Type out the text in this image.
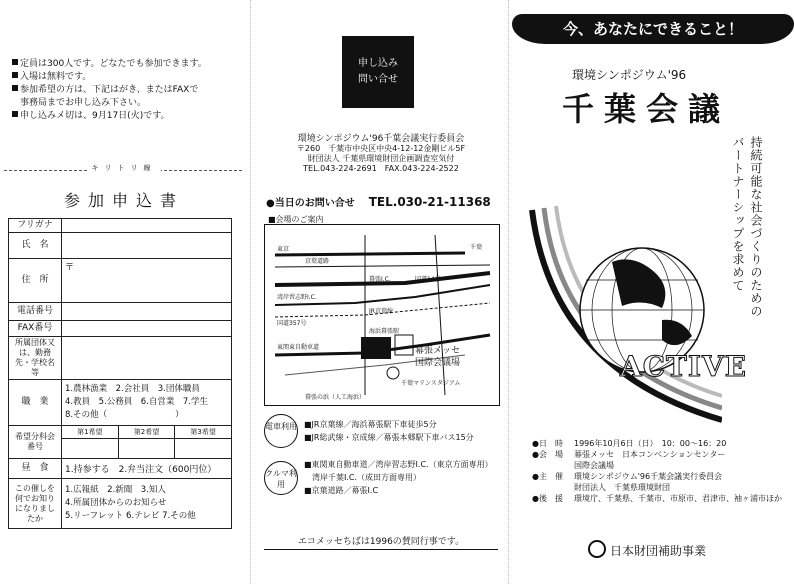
定員は300人です。どなたでも参加できます。
入場は無料です。
参加希望の方は、下記はがき、またはFAXで
事務局までお申し込み下さい。
申し込みメ切は、9月17日(火)です。
キリトリ線
参加申込書
フリガナ			
氏　名			
住　所	〒		
電話番号			
FAX番号			
所属団体又は、勤務先・学校名等			
職　業	1.農林漁業　 2.会社員　 3.団体職員
4.教員　 5.公務員　 6.自営業　 7.学生
8.その他（　　　　　　　　）		
希望分科会番号	第1希望	第2希望	第3希望

昼　食	1.持参する　2.弁当注文（600円位）		
この催しを何でお知りになりましたか	1.広報紙　 2.新聞　 3.知人
4.所属団体からのお知らせ
5.リーフレット 6.テレビ 7.その他		
申し込み
問い合せ
環境シンポジウム'96千葉会議実行委員会
〒260　千葉市中央区中央4-12-12金剛ビル5F
財団法人 千葉県環境財団企画調査室気付
TEL.043-224-2691　FAX.043-224-2522
●当日のお問い合せ TEL.030-21-11368
■会場のご案内
東京
京葉道路
国道14号
千葉
幕張I.C.
湾岸習志野I.C.
国道357号
JR京葉線
海浜幕張駅
幕張メッセ
国際会議場
千葉マリンスタジアム
幕張の浜（人工海浜）
東関東自動車道
電車利用 ■JR京葉線／海浜幕張駅下車徒歩5分
■JR総武線・京成線／幕張本郷駅下車バス15分
クルマ利用
■東関東自動車道／湾岸習志野I.C.（東京方面専用）
　湾岸千葉I.C.（成田方面専用）
■京葉道路／幕張I.C
エコメッセちばは1996の賛同行事です。
今、あなたにできること！
環境シンポジウム'96
千葉会議
持続可能な社会づくりのための
パートナーシップを求めて
ACTIVE
●日　時	1996年10月6日（日）　10：00～16：20
●会　場	幕張メッセ　日本コンベンションセンター
国際会議場
●主　催	環境シンポジウム'96千葉会議実行委員会
財団法人　千葉県環境財団
●後　援	環境庁、千葉県、千葉市、市原市、君津市、袖ヶ浦市ほか
日本財団補助事業
